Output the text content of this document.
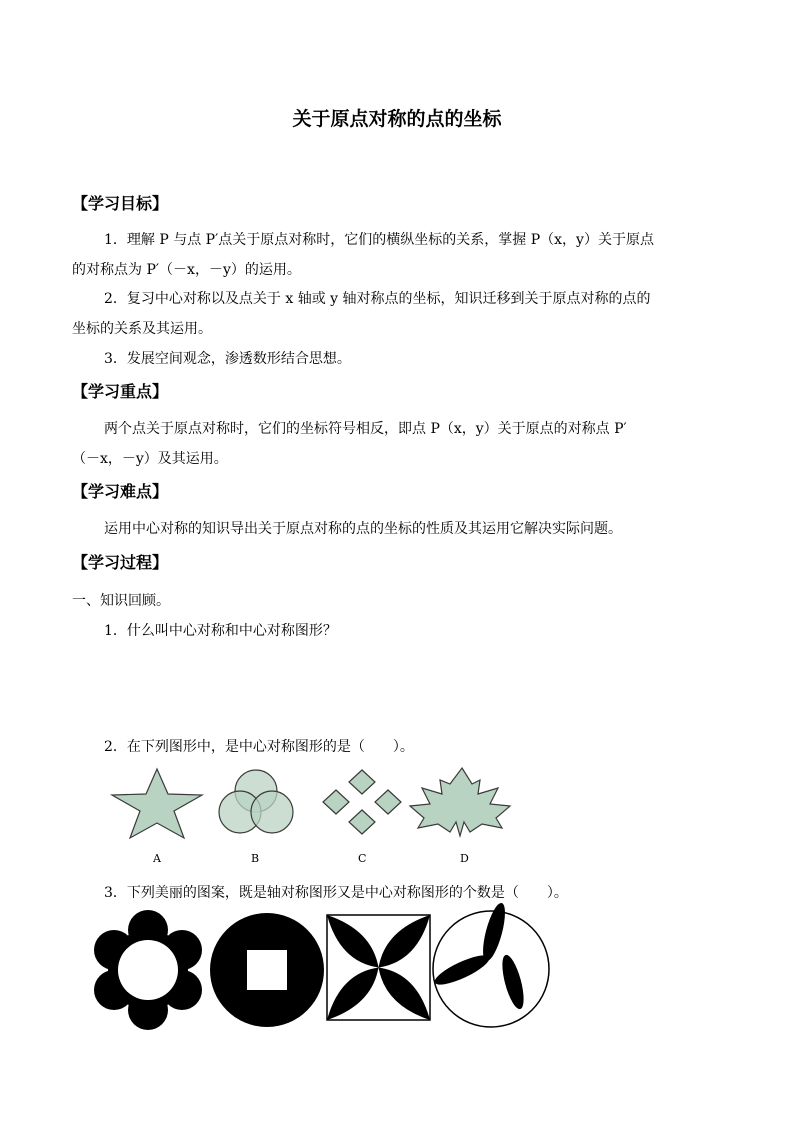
关于原点对称的点的坐标
【学习目标】
1．理解 P 与点 P′点关于原点对称时，它们的横纵坐标的关系，掌握 P（x，y）关于原点
的对称点为 P′（－x，－y）的运用。
2．复习中心对称以及点关于 x 轴或 y 轴对称点的坐标，知识迁移到关于原点对称的点的
坐标的关系及其运用。
3．发展空间观念，渗透数形结合思想。
【学习重点】
两个点关于原点对称时，它们的坐标符号相反，即点 P（x，y）关于原点的对称点 P′
（－x，－y）及其运用。
【学习难点】
运用中心对称的知识导出关于原点对称的点的坐标的性质及其运用它解决实际问题。
【学习过程】
一、知识回顾。
1．什么叫中心对称和中心对称图形？
2．在下列图形中，是中心对称图形的是（　　）。
A	B	C	D
3．下列美丽的图案，既是轴对称图形又是中心对称图形的个数是（　　）。
